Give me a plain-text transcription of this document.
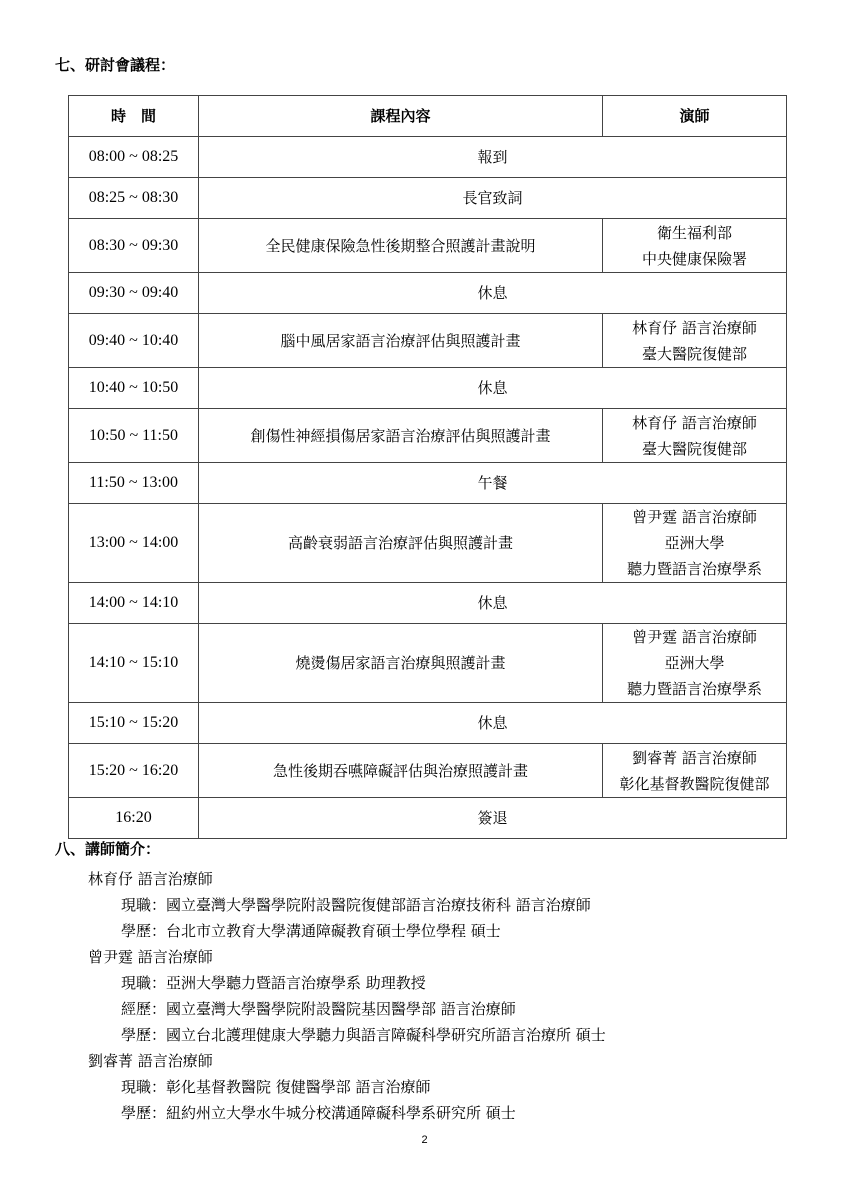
七、研討會議程：
時　間	課程內容	演師
08:00 ~ 08:25	報到	
08:25 ~ 08:30	長官致詞	
08:30 ~ 09:30	全民健康保險急性後期整合照護計畫說明	衛生福利部
中央健康保險署

09:30 ~ 09:40	休息	
09:40 ~ 10:40	腦中風居家語言治療評估與照護計畫	林育伃 語言治療師
臺大醫院復健部

10:40 ~ 10:50	休息	
10:50 ~ 11:50	創傷性神經損傷居家語言治療評估與照護計畫	林育伃 語言治療師
臺大醫院復健部

11:50 ~ 13:00	午餐	
13:00 ~ 14:00	高齡衰弱語言治療評估與照護計畫	曾尹霆 語言治療師
亞洲大學
聽力暨語言治療學系

14:00 ~ 14:10	休息	
14:10 ~ 15:10	燒燙傷居家語言治療與照護計畫	曾尹霆 語言治療師
亞洲大學
聽力暨語言治療學系

15:10 ~ 15:20	休息	
15:20 ~ 16:20	急性後期吞嚥障礙評估與治療照護計畫	劉睿菁 語言治療師
彰化基督教醫院復健部

16:20	簽退	
八、講師簡介：
林育伃 語言治療師
現職：國立臺灣大學醫學院附設醫院復健部語言治療技術科 語言治療師
學歷：台北市立教育大學溝通障礙教育碩士學位學程 碩士
曾尹霆 語言治療師
現職：亞洲大學聽力暨語言治療學系 助理教授
經歷：國立臺灣大學醫學院附設醫院基因醫學部 語言治療師
學歷：國立台北護理健康大學聽力與語言障礙科學研究所語言治療所 碩士
劉睿菁 語言治療師
現職：彰化基督教醫院 復健醫學部 語言治療師
學歷：紐約州立大學水牛城分校溝通障礙科學系研究所 碩士
2
